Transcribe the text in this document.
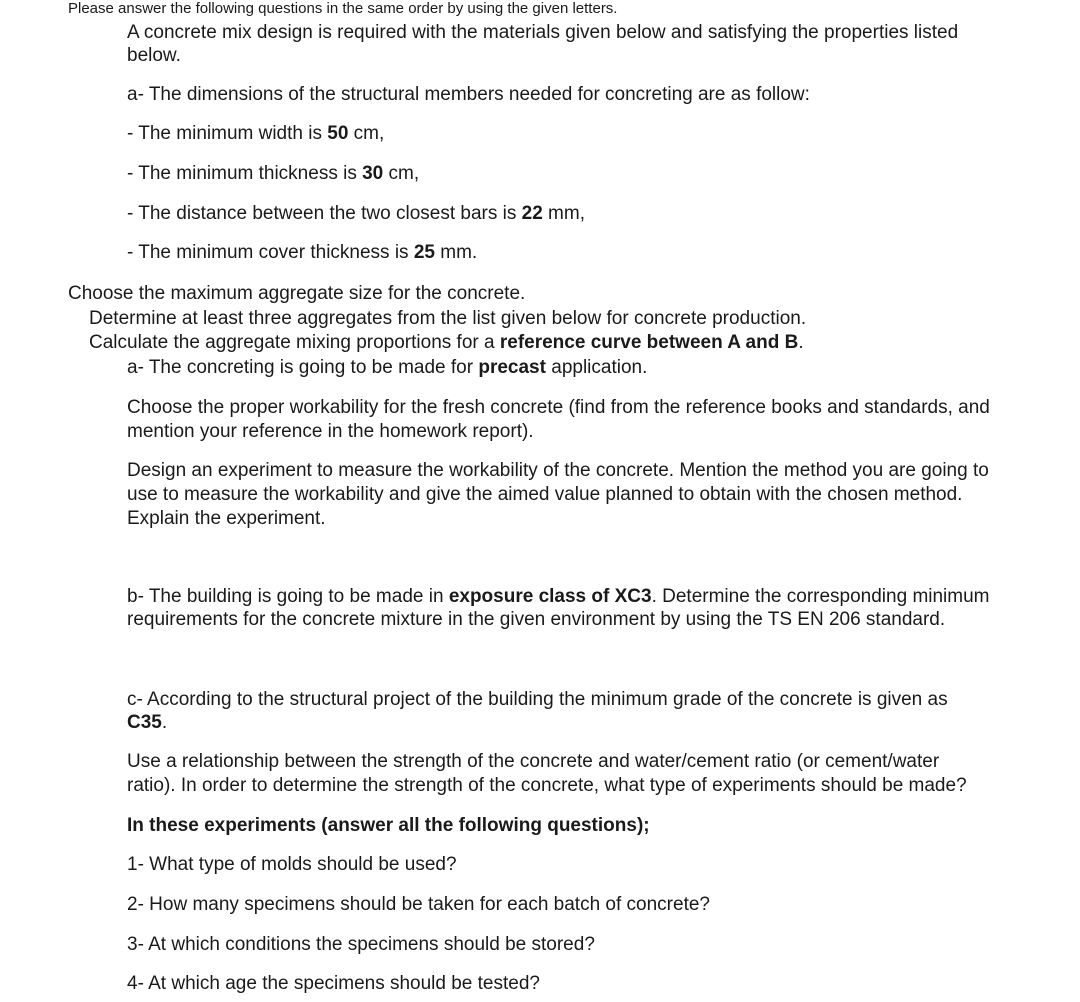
Please answer the following questions in the same order by using the given letters.
A concrete mix design is required with the materials given below and satisfying the properties listed
below.
a- The dimensions of the structural members needed for concreting are as follow:
- The minimum width is 50 cm,
- The minimum thickness is 30 cm,
- The distance between the two closest bars is 22 mm,
- The minimum cover thickness is 25 mm.
Choose the maximum aggregate size for the concrete.
Determine at least three aggregates from the list given below for concrete production.
Calculate the aggregate mixing proportions for a reference curve between A and B.
a- The concreting is going to be made for precast application.
Choose the proper workability for the fresh concrete (find from the reference books and standards, and
mention your reference in the homework report).
Design an experiment to measure the workability of the concrete. Mention the method you are going to
use to measure the workability and give the aimed value planned to obtain with the chosen method.
Explain the experiment.
b- The building is going to be made in exposure class of XC3. Determine the corresponding minimum
requirements for the concrete mixture in the given environment by using the TS EN 206 standard.
c- According to the structural project of the building the minimum grade of the concrete is given as
C35.
Use a relationship between the strength of the concrete and water/cement ratio (or cement/water
ratio). In order to determine the strength of the concrete, what type of experiments should be made?
In these experiments (answer all the following questions);
1- What type of molds should be used?
2- How many specimens should be taken for each batch of concrete?
3- At which conditions the specimens should be stored?
4- At which age the specimens should be tested?
